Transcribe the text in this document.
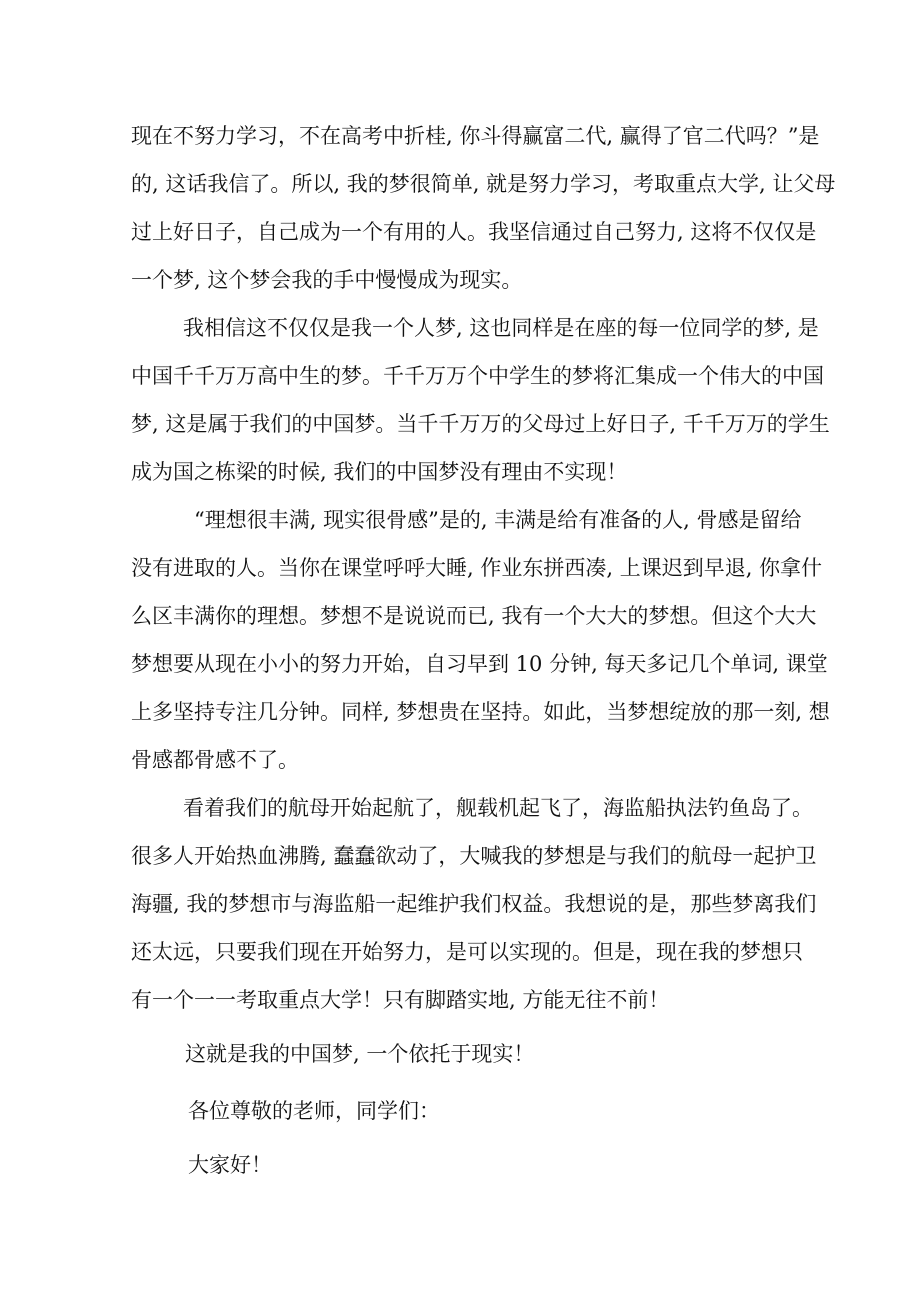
现在不努力学习，不在高考中折桂, 你斗得赢富二代, 赢得了官二代吗？”是

的, 这话我信了。所以, 我的梦很简单, 就是努力学习，考取重点大学, 让父母

过上好日子，自己成为一个有用的人。我坚信通过自己努力, 这将不仅仅是

一个梦, 这个梦会我的手中慢慢成为现实。

我相信这不仅仅是我一个人梦, 这也同样是在座的每一位同学的梦, 是

中国千千万万高中生的梦。千千万万个中学生的梦将汇集成一个伟大的中国

梦, 这是属于我们的中国梦。当千千万万的父母过上好日子, 千千万万的学生

成为国之栋梁的时候, 我们的中国梦没有理由不实现！

“理想很丰满, 现实很骨感”是的, 丰满是给有准备的人, 骨感是留给

没有进取的人。当你在课堂呼呼大睡, 作业东拼西凑, 上课迟到早退, 你拿什

么区丰满你的理想。梦想不是说说而已, 我有一个大大的梦想。但这个大大

梦想要从现在小小的努力开始，自习早到 10 分钟, 每天多记几个单词, 课堂

上多坚持专注几分钟。同样, 梦想贵在坚持。如此，当梦想绽放的那一刻, 想

骨感都骨感不了。

看着我们的航母开始起航了，舰载机起飞了，海监船执法钓鱼岛了。

很多人开始热血沸腾, 蠢蠢欲动了，大喊我的梦想是与我们的航母一起护卫

海疆, 我的梦想市与海监船一起维护我们权益。我想说的是，那些梦离我们

还太远，只要我们现在开始努力，是可以实现的。但是，现在我的梦想只

有一个一一考取重点大学！只有脚踏实地, 方能无往不前！

这就是我的中国梦, 一个依托于现实！

各位尊敬的老师，同学们：

大家好！
